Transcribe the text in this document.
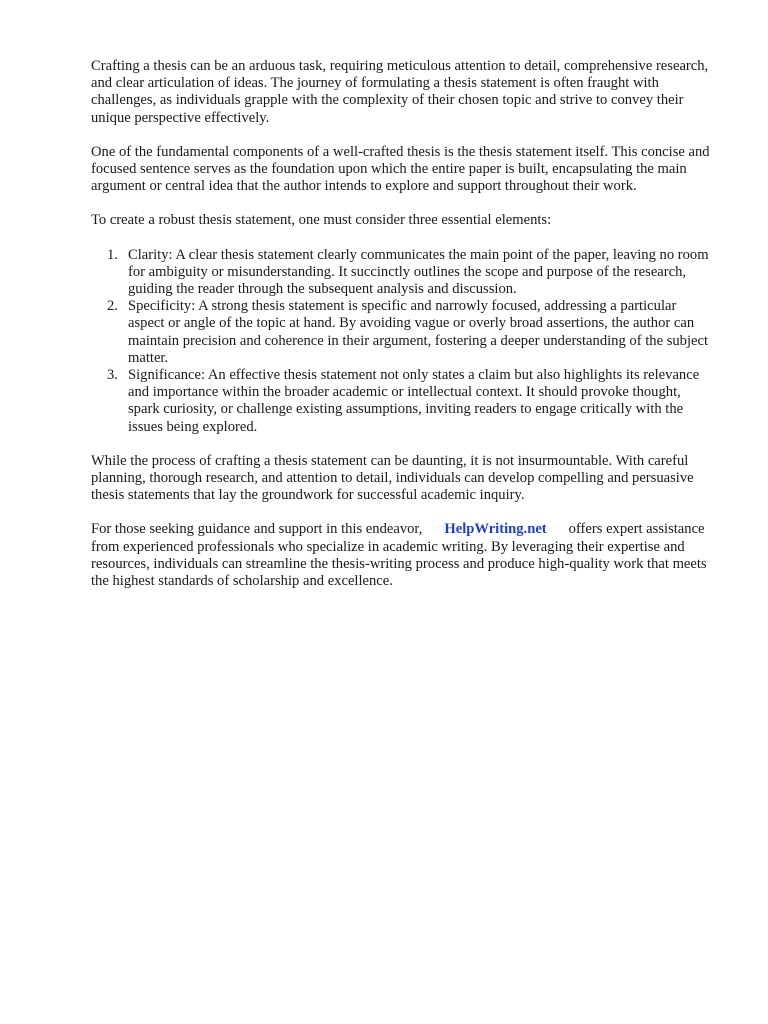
Crafting a thesis can be an arduous task, requiring meticulous attention to detail, comprehensive research, and clear articulation of ideas. The journey of formulating a thesis statement is often fraught with challenges, as individuals grapple with the complexity of their chosen topic and strive to convey their unique perspective effectively.

One of the fundamental components of a well-crafted thesis is the thesis statement itself. This concise and focused sentence serves as the foundation upon which the entire paper is built, encapsulating the main argument or central idea that the author intends to explore and support throughout their work.

To create a robust thesis statement, one must consider three essential elements:

1. Clarity: A clear thesis statement clearly communicates the main point of the paper, leaving no room for ambiguity or misunderstanding. It succinctly outlines the scope and purpose of the research, guiding the reader through the subsequent analysis and discussion.
2. Specificity: A strong thesis statement is specific and narrowly focused, addressing a particular aspect or angle of the topic at hand. By avoiding vague or overly broad assertions, the author can maintain precision and coherence in their argument, fostering a deeper understanding of the subject matter.
3. Significance: An effective thesis statement not only states a claim but also highlights its relevance and importance within the broader academic or intellectual context. It should provoke thought, spark curiosity, or challenge existing assumptions, inviting readers to engage critically with the issues being explored.

While the process of crafting a thesis statement can be daunting, it is not insurmountable. With careful planning, thorough research, and attention to detail, individuals can develop compelling and persuasive thesis statements that lay the groundwork for successful academic inquiry.

For those seeking guidance and support in this endeavor, HelpWriting.net offers expert assistance from experienced professionals who specialize in academic writing. By leveraging their expertise and resources, individuals can streamline the thesis-writing process and produce high-quality work that meets the highest standards of scholarship and excellence.
